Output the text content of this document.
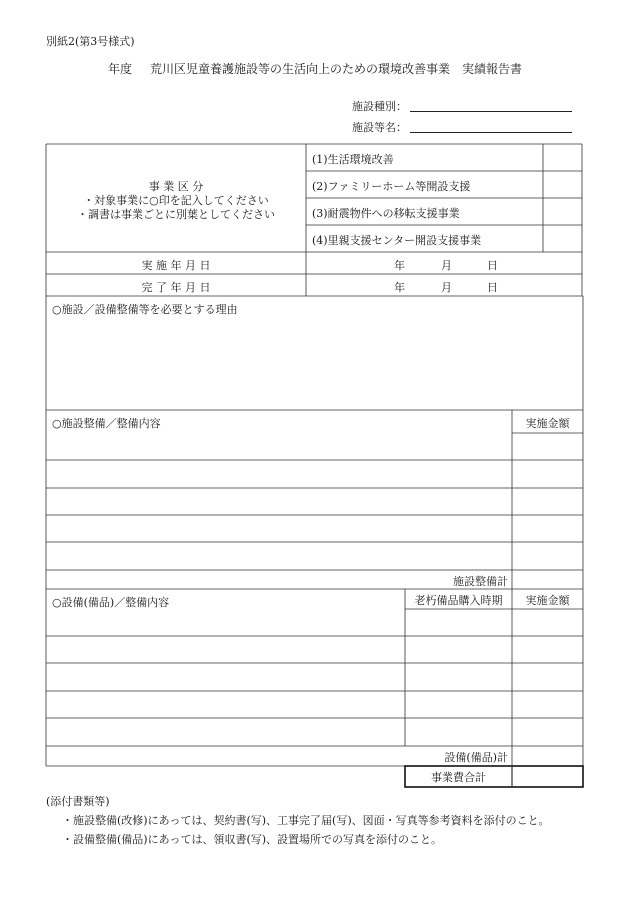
別紙2(第3号様式)
年度 荒川区児童養護施設等の生活向上のための環境改善事業　実績報告書
施設種別：
施設等名：
事 業 区 分
・対象事業に○印を記入してください
・調書は事業ごとに別葉としてください
(1)生活環境改善
(2)ファミリーホーム等開設支援
(3)耐震物件への移転支援事業
(4)里親支援センター開設支援事業
実 施 年 月 日	年	月	日
完 了 年 月 日	年	月	日
○施設／設備整備等を必要とする理由
○施設整備／整備内容	実施金額
施設整備計
○設備(備品)／整備内容	老朽備品購入時期	実施金額
設備(備品)計
事業費合計
(添付書類等)
・施設整備(改修)にあっては、契約書(写)、工事完了届(写)、図面・写真等参考資料を添付のこと。
・設備整備(備品)にあっては、領収書(写)、設置場所での写真を添付のこと。
